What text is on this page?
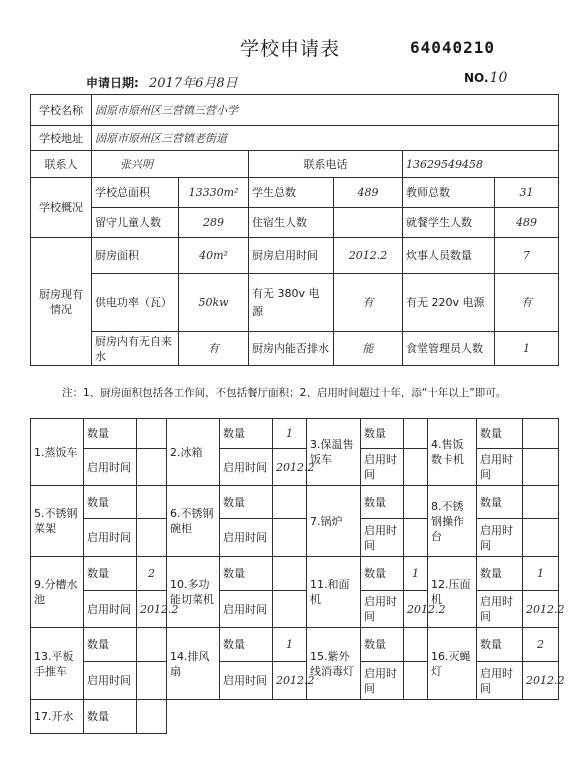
学校申请表	64040210
申请日期: 2017年6月8日	NO.10
学校名称	固原市原州区三营镇三营小学					
学校地址	固原市原州区三营镇老街道					
联系人	张兴明		联系电话		13629549458	
学校概况	学校总面积	13330m²	学生总数	489	教师总数	31
	留守儿童人数	289	住宿生人数		就餐学生人数	489
厨房现有情况	厨房面积	40m²	厨房启用时间	2012.2	炊事人员数量	7
	供电功率（瓦）	50kw	有无 380v 电源	有	有无 220v 电源	有
	厨房内有无自来水	有	厨房内能否排水	能	食堂管理员人数	1
注：1、厨房面积包括各工作间，不包括餐厅面积；2、启用时间超过十年，添“十年以上”即可。
1.蒸饭车	数量		2.冰箱	数量	1	3.保温售饭车	数量		4.售饭数卡机	数量	
	启用时间			启用时间	2012.2		启用时间			启用时间	
5.不锈钢菜架	数量		6.不锈钢碗柜	数量		7.锅炉	数量		8.不锈钢操作台	数量	
	启用时间			启用时间			启用时间			启用时间	
9.分槽水池	数量	2	10.多功能切菜机	数量		11.和面机	数量	1	12.压面机	数量	1
	启用时间	2012.2		启用时间			启用时间	2012.2		启用时间	2012.2
13.平板手推车	数量		14.排风扇	数量	1	15.紫外线消毒灯	数量		16.灭蝇灯	数量	2
	启用时间			启用时间	2012.2		启用时间			启用时间	2012.2
17.开水	数量										
